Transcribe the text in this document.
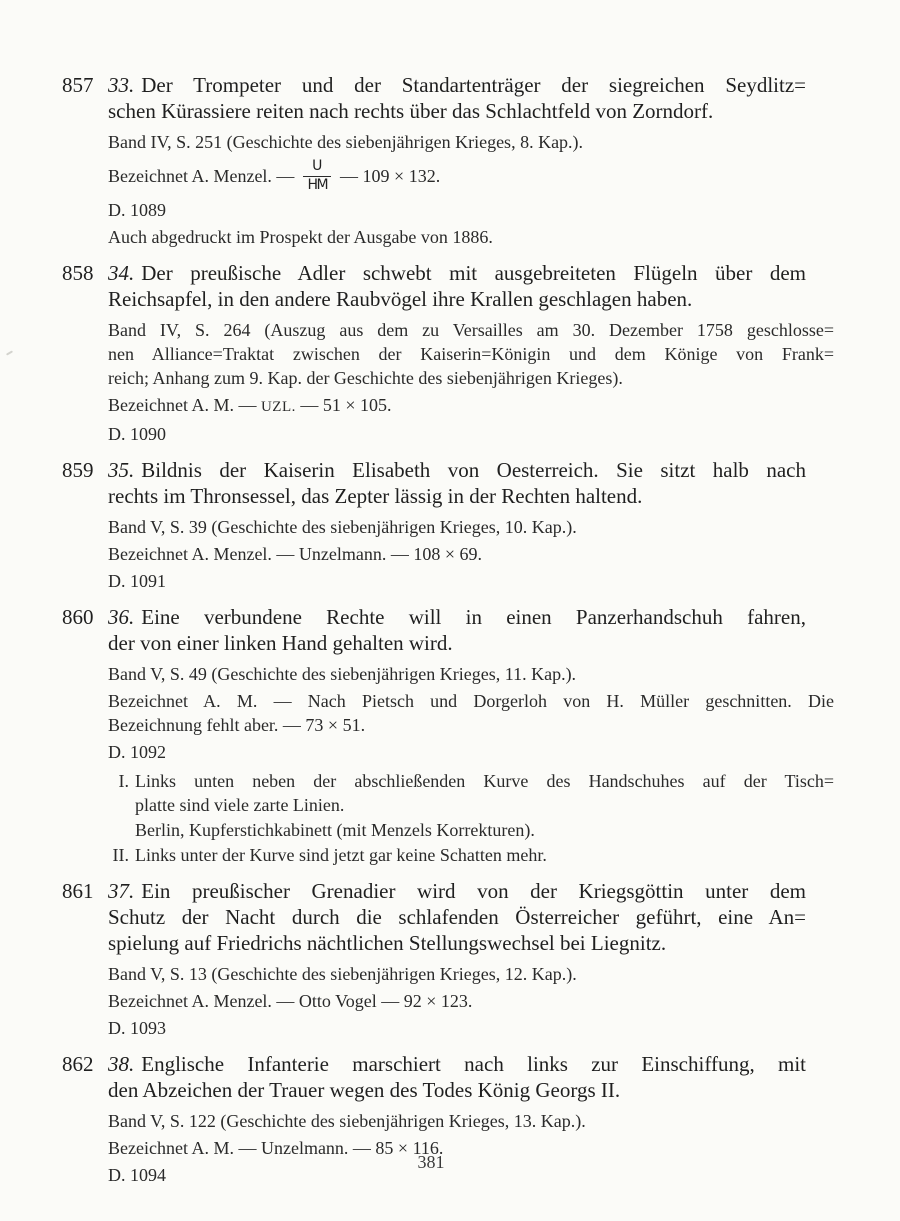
857 33. Der Trompeter und der Standartenträger der siegreichen Seydlitz=
schen Kürassiere reiten nach rechts über das Schlachtfeld von Zorndorf.
Band IV, S. 251 (Geschichte des siebenjährigen Krieges, 8. Kap.).
Bezeichnet A. Menzel. — $\frac{U}{HM}$ — 109 × 132.
D. 1089
Auch abgedruckt im Prospekt der Ausgabe von 1886.
858 34. Der preußische Adler schwebt mit ausgebreiteten Flügeln über dem
Reichsapfel, in den andere Raubvögel ihre Krallen geschlagen haben.
Band IV, S. 264 (Auszug aus dem zu Versailles am 30. Dezember 1758 geschlosse=
nen Alliance=Traktat zwischen der Kaiserin=Königin und dem Könige von Frank=
reich; Anhang zum 9. Kap. der Geschichte des siebenjährigen Krieges).
Bezeichnet A. M. — UZL. — 51 × 105.
D. 1090
859 35. Bildnis der Kaiserin Elisabeth von Oesterreich. Sie sitzt halb nach
rechts im Thronsessel, das Zepter lässig in der Rechten haltend.
Band V, S. 39 (Geschichte des siebenjährigen Krieges, 10. Kap.).
Bezeichnet A. Menzel. — Unzelmann. — 108 × 69.
D. 1091
860 36. Eine verbundene Rechte will in einen Panzerhandschuh fahren,
der von einer linken Hand gehalten wird.
Band V, S. 49 (Geschichte des siebenjährigen Krieges, 11. Kap.).
Bezeichnet A. M. — Nach Pietsch und Dorgerloh von H. Müller geschnitten. Die
Bezeichnung fehlt aber. — 73 × 51.
D. 1092
I. Links unten neben der abschließenden Kurve des Handschuhes auf der Tisch=
platte sind viele zarte Linien.
Berlin, Kupferstichkabinett (mit Menzels Korrekturen).
II. Links unter der Kurve sind jetzt gar keine Schatten mehr.
861 37. Ein preußischer Grenadier wird von der Kriegsgöttin unter dem
Schutz der Nacht durch die schlafenden Österreicher geführt, eine An=
spielung auf Friedrichs nächtlichen Stellungswechsel bei Liegnitz.
Band V, S. 13 (Geschichte des siebenjährigen Krieges, 12. Kap.).
Bezeichnet A. Menzel. — Otto Vogel — 92 × 123.
D. 1093
862 38. Englische Infanterie marschiert nach links zur Einschiffung, mit
den Abzeichen der Trauer wegen des Todes König Georgs II.
Band V, S. 122 (Geschichte des siebenjährigen Krieges, 13. Kap.).
Bezeichnet A. M. — Unzelmann. — 85 × 116.
D. 1094
381
